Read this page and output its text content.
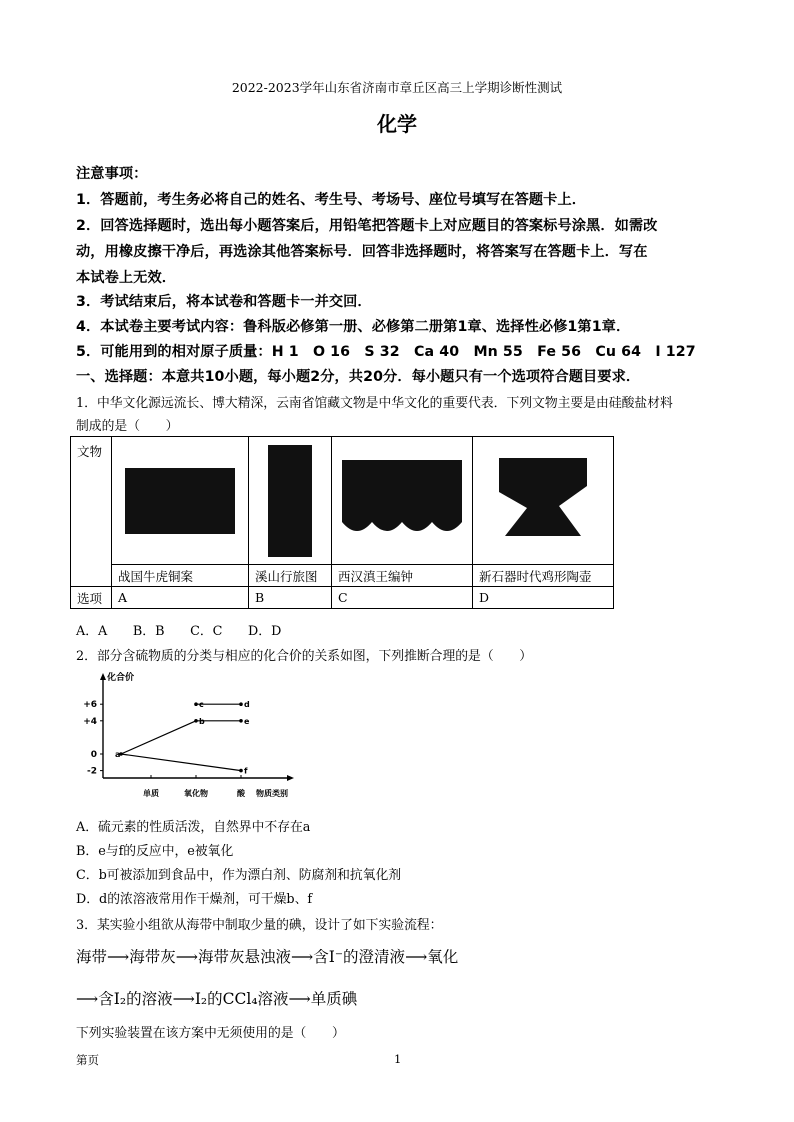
2022-2023学年山东省济南市章丘区高三上学期诊断性测试
化学
注意事项：
1．答题前，考生务必将自己的姓名、考生号、考场号、座位号填写在答题卡上．
2．回答选择题时，选出每小题答案后，用铅笔把答题卡上对应题目的答案标号涂黑．如需改
动，用橡皮擦干净后，再选涂其他答案标号．回答非选择题时，将答案写在答题卡上．写在
本试卷上无效．
3．考试结束后，将本试卷和答题卡一并交回．
4．本试卷主要考试内容：鲁科版必修第一册、必修第二册第1章、选择性必修1第1章．
5．可能用到的相对原子质量：H 1　O 16　S 32　Ca 40　Mn 55　Fe 56　Cu 64　I 127
一、选择题：本意共10小题，每小题2分，共20分．每小题只有一个选项符合题目要求．
1．中华文化源远流长、博大精深，云南省馆藏文物是中华文化的重要代表．下列文物主要是由硅酸盐材料
制成的是（　　）
文物	

	战国牛虎铜案	溪山行旅图	西汉滇王编钟	新石器时代鸡形陶壶
选项	A	B	C	D
A．A　　B．B　　C．C　　D．D
2．部分含硫物质的分类与相应的化合价的关系如图，下列推断合理的是（　　）
化合价
物质类别
+6
+4
0
-2
单质	氧化物	酸
a
b
c	d
e
f
A．硫元素的性质活泼，自然界中不存在a
B．e与f的反应中，e被氧化
C．b可被添加到食品中，作为漂白剂、防腐剂和抗氧化剂
D．d的浓溶液常用作干燥剂，可干燥b、f
3．某实验小组欲从海带中制取少量的碘，设计了如下实验流程：
海带⟶海带灰⟶海带灰悬浊液⟶含I⁻的澄清液⟶氧化
⟶含I₂的溶液⟶I₂的CCl₄溶液⟶单质碘
下列实验装置在该方案中无须使用的是（　　）
第页	1
